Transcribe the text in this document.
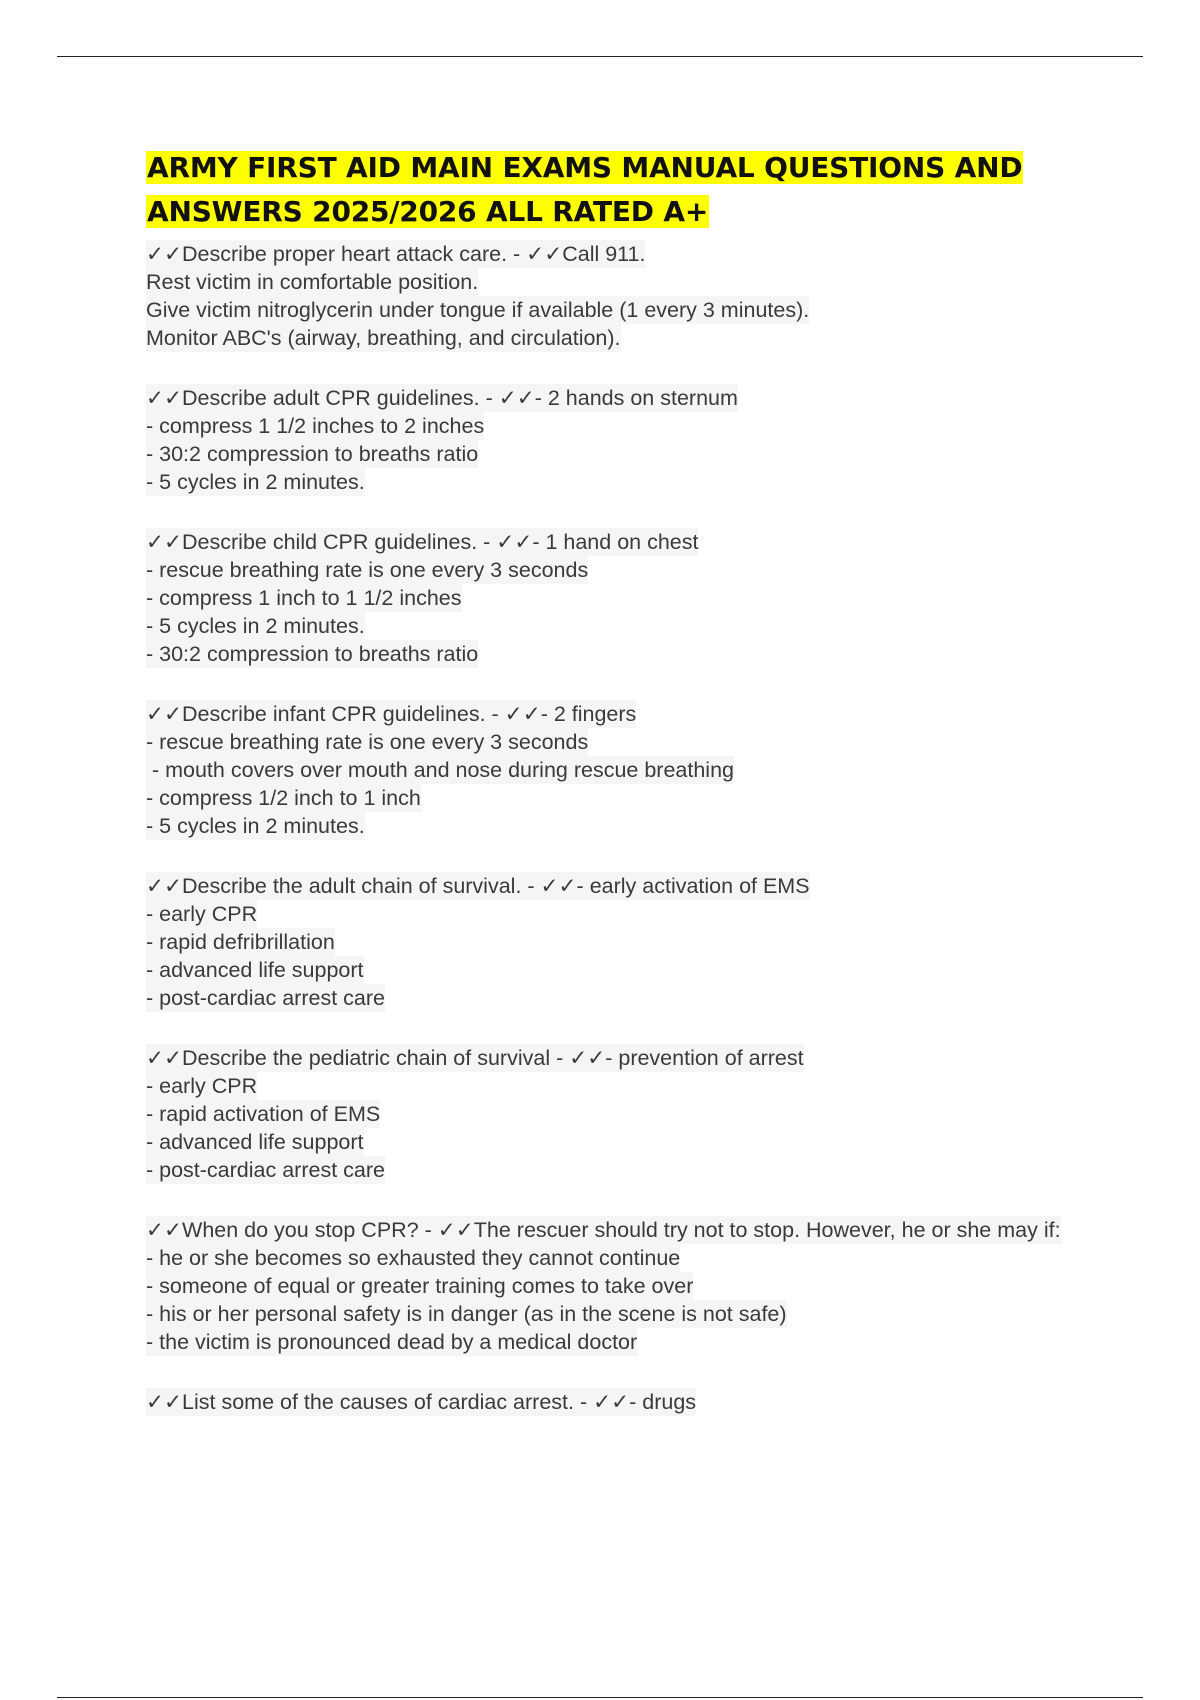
ARMY FIRST AID MAIN EXAMS MANUAL QUESTIONS AND ANSWERS 2025/2026 ALL RATED A+
✓✓Describe proper heart attack care. - ✓✓Call 911.
Rest victim in comfortable position.
Give victim nitroglycerin under tongue if available (1 every 3 minutes).
Monitor ABC's (airway, breathing, and circulation).
✓✓Describe adult CPR guidelines. - ✓✓- 2 hands on sternum
- compress 1 1/2 inches to 2 inches
- 30:2 compression to breaths ratio
- 5 cycles in 2 minutes.
✓✓Describe child CPR guidelines. - ✓✓- 1 hand on chest
- rescue breathing rate is one every 3 seconds
- compress 1 inch to 1 1/2 inches
- 5 cycles in 2 minutes.
- 30:2 compression to breaths ratio
✓✓Describe infant CPR guidelines. - ✓✓- 2 fingers
- rescue breathing rate is one every 3 seconds
- mouth covers over mouth and nose during rescue breathing
- compress 1/2 inch to 1 inch
- 5 cycles in 2 minutes.
✓✓Describe the adult chain of survival. - ✓✓- early activation of EMS
- early CPR
- rapid defribrillation
- advanced life support
- post-cardiac arrest care
✓✓Describe the pediatric chain of survival - ✓✓- prevention of arrest
- early CPR
- rapid activation of EMS
- advanced life support
- post-cardiac arrest care
✓✓When do you stop CPR? - ✓✓The rescuer should try not to stop. However, he or she may if:
- he or she becomes so exhausted they cannot continue
- someone of equal or greater training comes to take over
- his or her personal safety is in danger (as in the scene is not safe)
- the victim is pronounced dead by a medical doctor
✓✓List some of the causes of cardiac arrest. - ✓✓- drugs
